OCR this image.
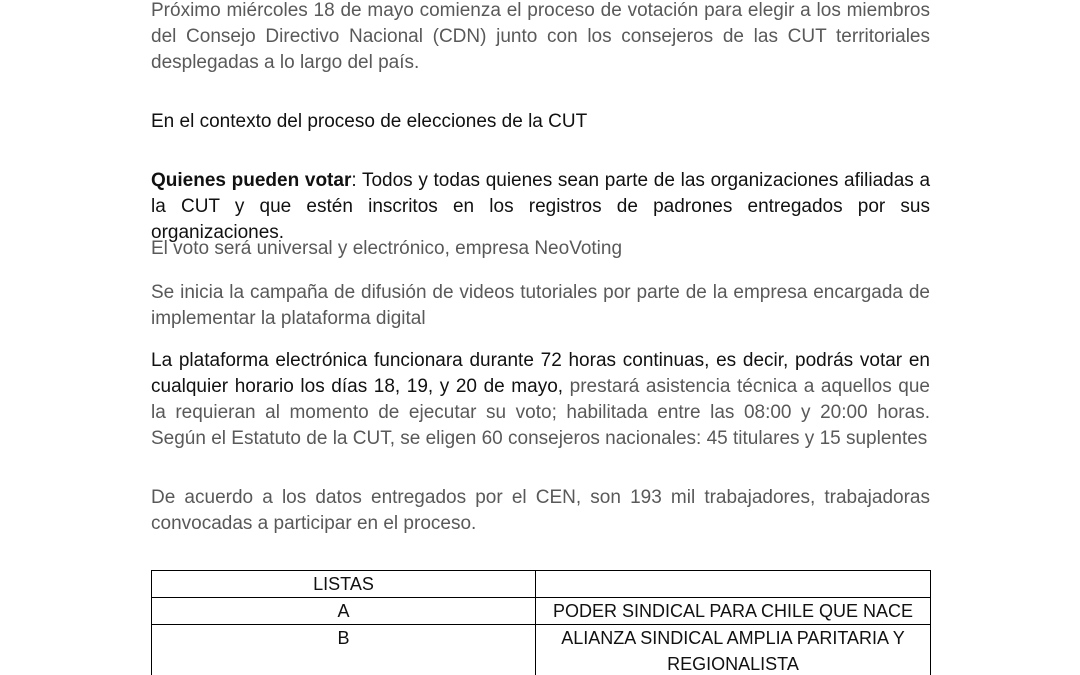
Próximo miércoles 18 de mayo comienza el proceso de votación para elegir a los miembros del Consejo Directivo Nacional (CDN) junto con los consejeros de las CUT territoriales desplegadas a lo largo del país.

En el contexto del proceso de elecciones de la CUT

Quienes pueden votar: Todos y todas quienes sean parte de las organizaciones afiliadas a la CUT y que estén inscritos en los registros de padrones entregados por sus organizaciones.

El voto será universal y electrónico, empresa NeoVoting

Se inicia la campaña de difusión de videos tutoriales por parte de la empresa encargada de implementar la plataforma digital

La plataforma electrónica funcionara durante 72 horas continuas, es decir, podrás votar en cualquier horario los días 18, 19, y 20 de mayo, prestará asistencia técnica a aquellos que la requieran al momento de ejecutar su voto; habilitada entre las 08:00 y 20:00 horas. Según el Estatuto de la CUT, se eligen 60 consejeros nacionales: 45 titulares y 15 suplentes

De acuerdo a los datos entregados por el CEN, son 193 mil trabajadores, trabajadoras convocadas a participar en el proceso.

LISTAS	
A	PODER SINDICAL PARA CHILE QUE NACE
B	ALIANZA SINDICAL AMPLIA PARITARIA Y REGIONALISTA
